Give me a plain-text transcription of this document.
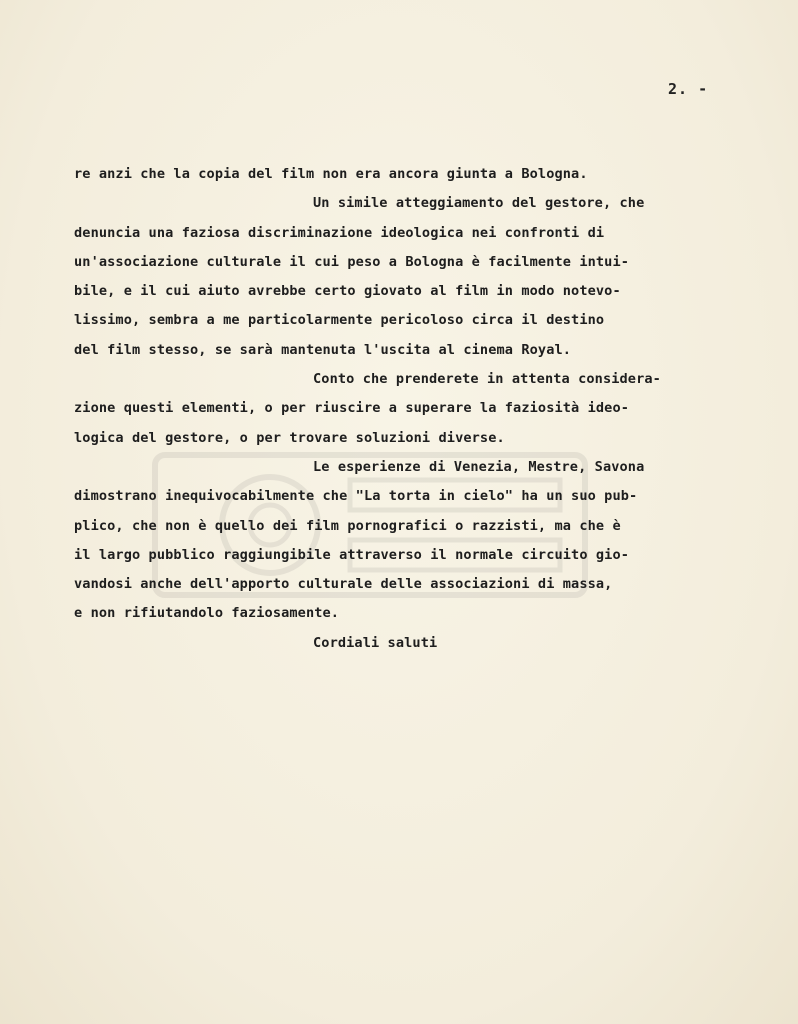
2. -
re anzi che la copia del film non era ancora giunta a Bologna.
Un simile atteggiamento del gestore, che
denuncia una faziosa discriminazione ideologica nei confronti di
un'associazione culturale il cui peso a Bologna è facilmente intui-
bile, e il cui aiuto avrebbe certo giovato al film in modo notevo-
lissimo, sembra a me particolarmente pericoloso circa il destino
del film stesso, se sarà mantenuta l'uscita al cinema Royal.
Conto che prenderete in attenta considera-
zione questi elementi, o per riuscire a superare la faziosità ideo-
logica del gestore, o per trovare soluzioni diverse.
Le esperienze di Venezia, Mestre, Savona
dimostrano inequivocabilmente che "La torta in cielo" ha un suo pub-
plico, che non è quello dei film pornografici o razzisti, ma che è
il largo pubblico raggiungibile attraverso il normale circuito gio-
vandosi anche dell'apporto culturale delle associazioni di massa,
e non rifiutandolo faziosamente.
Cordiali saluti
